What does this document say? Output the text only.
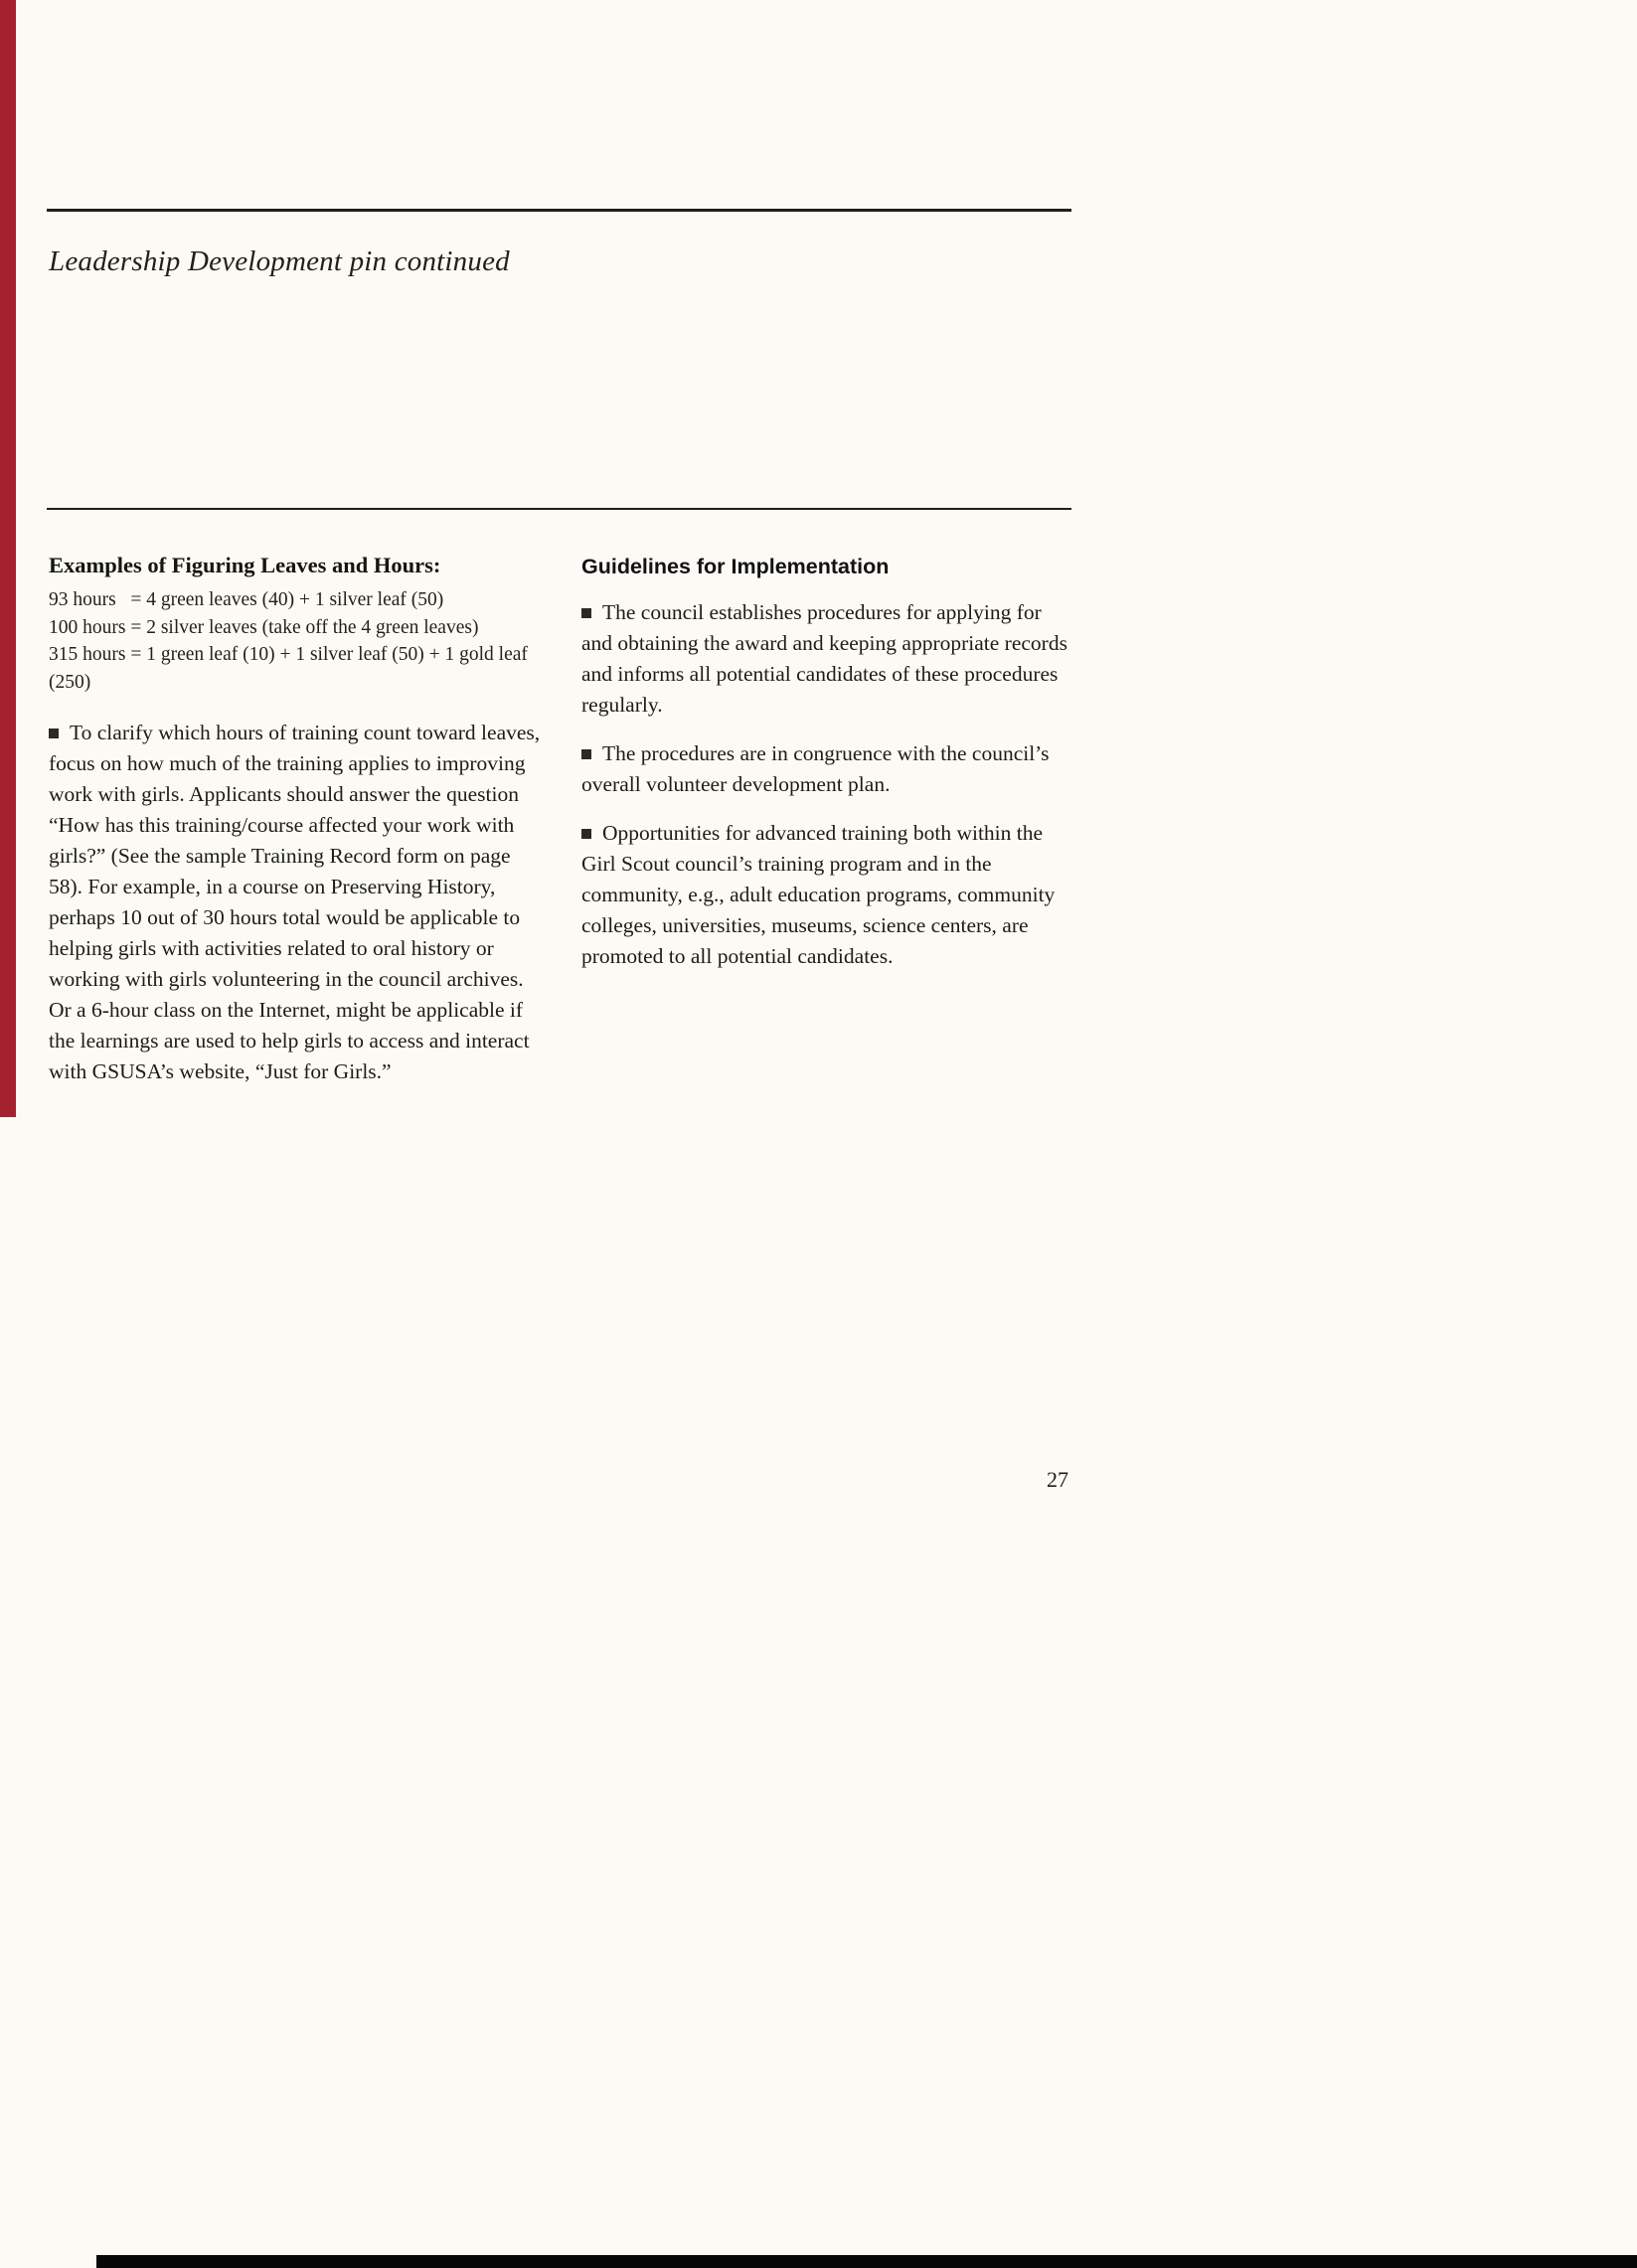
Leadership Development pin continued

Examples of Figuring Leaves and Hours:

93 hours   = 4 green leaves (40) + 1 silver leaf (50)

100 hours = 2 silver leaves (take off the 4 green leaves)

315 hours = 1 green leaf (10) + 1 silver leaf (50) + 1 gold leaf (250)

To clarify which hours of training count toward leaves, focus on how much of the training applies to improving work with girls. Applicants should answer the question “How has this training/course affected your work with girls?” (See the sample Training Record form on page 58). For example, in a course on Preserving History, perhaps 10 out of 30 hours total would be applicable to helping girls with activities related to oral history or working with girls volunteering in the council archives. Or a 6-hour class on the Internet, might be applicable if the learnings are used to help girls to access and interact with GSUSA’s website, “Just for Girls.”

Guidelines for Implementation

The council establishes procedures for applying for and obtaining the award and keeping appropriate records and informs all potential candidates of these procedures regularly.

The procedures are in congruence with the council’s overall volunteer development plan.

Opportunities for advanced training both within the Girl Scout council’s training program and in the community, e.g., adult education programs, community colleges, universities, museums, science centers, are promoted to all potential candidates.

27
